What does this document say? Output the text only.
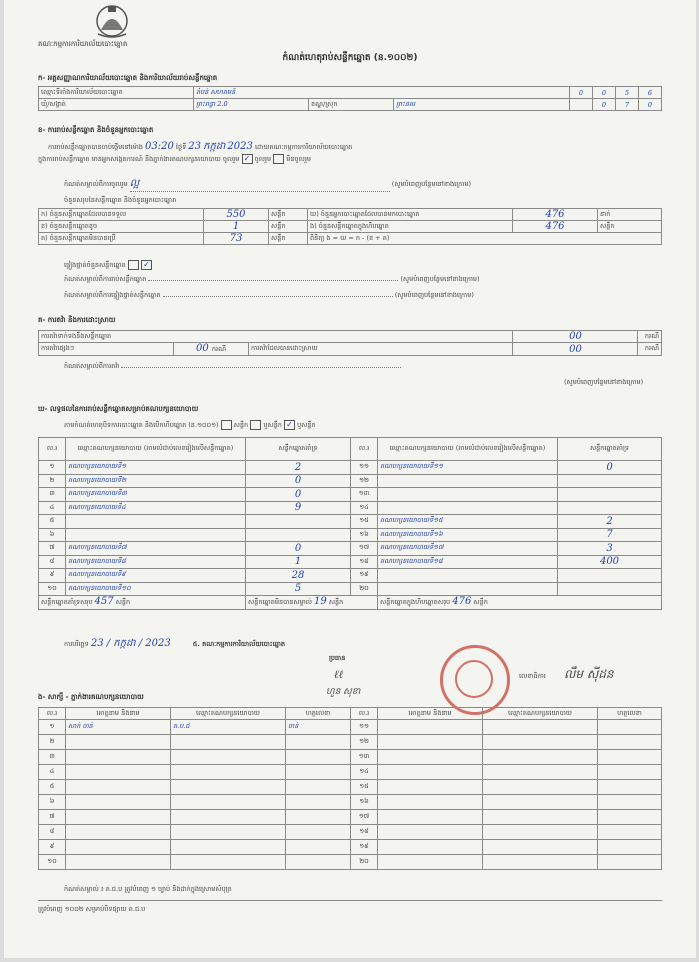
គណៈកម្មការការិយាល័យបោះឆ្នោត
កំណត់ហេតុរាប់សន្លឹកឆ្នោត (ន.១០០២)
ក- អត្តសញ្ញាណការិយាល័យបោះឆ្នោត និងការិយាល័យរាប់សន្លឹកឆ្នោត
ឈ្មោះទីតាំងការិយាល័យបោះឆ្នោត	តំបន់ សហគមន៍			0	0	5	6
ឃុំ/សង្កាត់	ព្រះពន្លា 2.0	ខណ្ឌ/ស្រុក	ព្រះនគរ		0	7	0
ខ- ការរាប់សន្លឹកឆ្នោត និងចំនួនអ្នកបោះឆ្នោត
ការរាប់សន្លឹកឆ្នោតបានចាប់ផ្ដើមនៅម៉ោង 03:20 ថ្ងៃទី 23 កក្កដា 2023 ដោយគណៈកម្មការការិយាល័យបោះឆ្នោត
ក្នុងការរាប់សន្លឹកឆ្នោត មានអ្នកសង្កេតការណ៍ និងភ្នាក់ងារគណបក្សនយោបាយ ចូលរួម ✓ ចូលរួម មិនចូលរួម
កំណត់សម្គាល់ពីការចូលរួម ល្អ	(សូមបំពេញបន្ថែមនៅខាងក្រោម)
ចំនួនសរុបនៃសន្លឹកឆ្នោត និងចំនួនអ្នកបោះឆ្នោត
ក) ចំនួនសន្លឹកឆ្នោតដែលបានទទួល	550	សន្លឹក	ឃ) ចំនួនអ្នកបោះឆ្នោតដែលបានមកបោះឆ្នោត	476	នាក់
ខ) ចំនួនសន្លឹកឆ្នោតខូច	1	សន្លឹក	ង) ចំនួនសន្លឹកឆ្នោតក្នុងហិបឆ្នោត	476	សន្លឹក
គ) ចំនួនសន្លឹកឆ្នោតមិនបានប្រើ	73	សន្លឹក	ពិនិត្យ ង = ឃ = ក - (ខ + គ)		
ផ្ទៀងផ្ទាត់ចំនួនសន្លឹកឆ្នោត ✓
កំណត់សម្គាល់ពីការរាប់សន្លឹកឆ្នោត	(សូមបំពេញបន្ថែមនៅខាងក្រោម)
កំណត់សម្គាល់ពីការផ្ទៀងផ្ទាត់សន្លឹកឆ្នោត	(សូមបំពេញបន្ថែមនៅខាងក្រោម)
គ- ការតវ៉ា និងការដោះស្រាយ
ការតវ៉ាទាក់ទងនឹងសន្លឹកឆ្នោត			00	ករណី
ការតវ៉ាផ្សេងៗ	00 ករណី	ការតវ៉ាដែលបានដោះស្រាយ	00	ករណី
កំណត់សម្គាល់ពីការតវ៉ា
(សូមបំពេញបន្ថែមនៅខាងក្រោម)
ឃ- លទ្ធផលនៃការរាប់សន្លឹកឆ្នោតសម្រាប់គណបក្សនយោបាយ
តាមកំណត់ហេតុបិទការបោះឆ្នោត និងបើកហិបឆ្នោត (ន.១០០១) សន្លឹក ឬសន្លឹក ✓ ឬសន្លឹក
ល.រ	ឈ្មោះគណបក្សនយោបាយ (តាមលំដាប់លេខរៀងលើសន្លឹកឆ្នោត)	សន្លឹកឆ្នោតគាំទ្រ	ល.រ	ឈ្មោះគណបក្សនយោបាយ (តាមលំដាប់លេខរៀងលើសន្លឹកឆ្នោត)	សន្លឹកឆ្នោតគាំទ្រ
១	គណបក្សនយោបាយទី១	2	១១	គណបក្សនយោបាយទី១១	0
២	គណបក្សនយោបាយទី២	0	១២		
៣	គណបក្សនយោបាយទី៣	0	១៣		
៤	គណបក្សនយោបាយទី៤	9	១៤		
៥			១៥	គណបក្សនយោបាយទី១៥	2
៦			១៦	គណបក្សនយោបាយទី១៦	7
៧	គណបក្សនយោបាយទី៧	0	១៧	គណបក្សនយោបាយទី១៧	3
៨	គណបក្សនយោបាយទី៨	1	១៨	គណបក្សនយោបាយទី១៨	400
៩	គណបក្សនយោបាយទី៩	28	១៩		
១០	គណបក្សនយោបាយទី១០	5	២០		
សន្លឹកឆ្នោតគាំទ្រសរុប 457 សន្លឹក		សន្លឹកឆ្នោតមិនបានសម្គាល់ 19 សន្លឹក		សន្លឹកឆ្នោតក្នុងហិបឆ្នោតសរុប 476 សន្លឹក	
ការបរិច្ឆេទ 23 / កក្កដា / 2023	៥. គណៈកម្មការការិយាល័យបោះឆ្នោត
ប្រធាន
ℓℓ
ហួន សុខា
លេខាធិការ លឹម ស៊ីដន
ង- សាក្សី - ភ្នាក់ងារគណបក្សនយោបាយ
ល.រ	គោត្តនាម និងនាម	ឈ្មោះគណបក្សនយោបាយ	ហត្ថលេខា	ល.រ	គោត្តនាម និងនាម	ឈ្មោះគណបក្សនយោបាយ	ហត្ថលេខា
១	សាក់ ចាន់	គ.ប.ជ	ចាន់	១១			
២				១២			
៣				១៣			
៤				១៤			
៥				១៥			
៦				១៦			
៧				១៧			
៨				១៨			
៩				១៩			
១០				២០			
កំណត់សម្គាល់ ៖ គ.ជ.ប ត្រូវបំពេញ ១ ច្បាប់ និងដាក់ក្នុងស្រោមសំបុត្រ
ត្រូវបំពេញ ១០០២ សម្រាប់បិទផ្សាយ គ.ជ.ប
